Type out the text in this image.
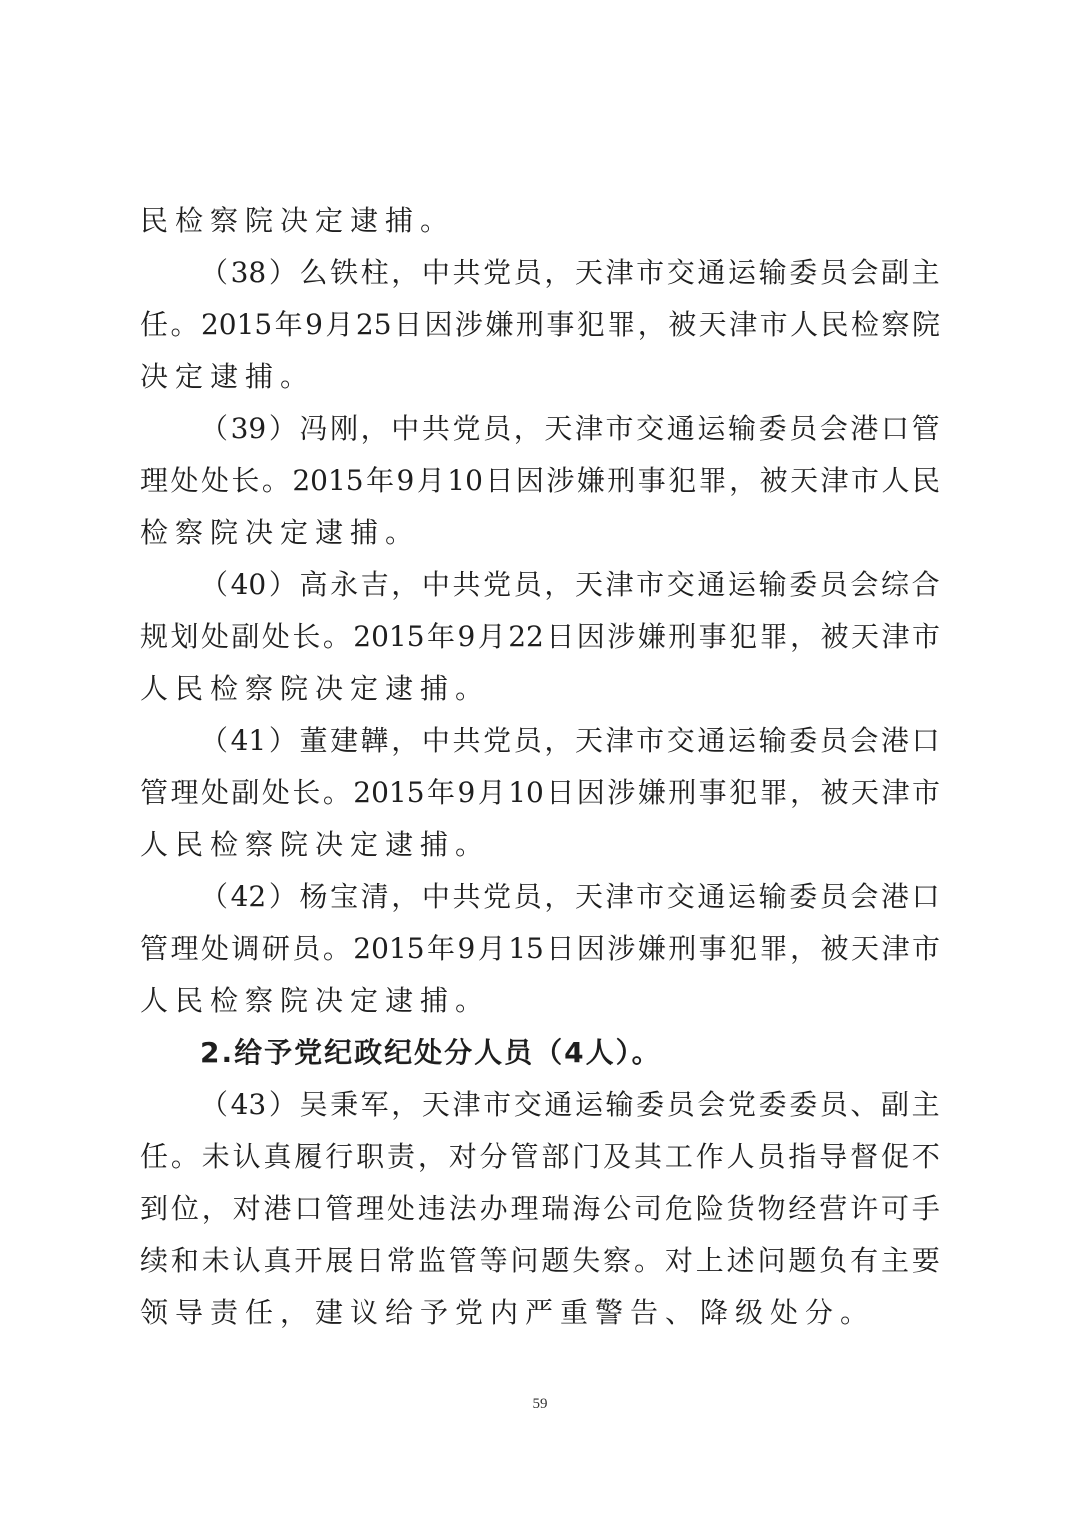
民检察院决定逮捕。
（ 38 ） 么 铁 柱 ， 中 共 党 员 ， 天 津 市 交 通 运 输 委 员 会 副 主
任 。 2015 年 9 月 25 日 因 涉 嫌 刑 事 犯 罪 ， 被 天 津 市 人 民 检 察 院
决定逮捕。
（ 39 ） 冯 刚 ， 中 共 党 员 ， 天 津 市 交 通 运 输 委 员 会 港 口 管
理 处 处 长 。 2015 年 9 月 10 日 因 涉 嫌 刑 事 犯 罪 ， 被 天 津 市 人 民
检察院决定逮捕。
（ 40 ） 高 永 吉 ， 中 共 党 员 ， 天 津 市 交 通 运 输 委 员 会 综 合
规 划 处 副 处 长 。 2015 年 9 月 22 日 因 涉 嫌 刑 事 犯 罪 ， 被 天 津 市
人民检察院决定逮捕。
（ 41 ） 董 建 韡 ， 中 共 党 员 ， 天 津 市 交 通 运 输 委 员 会 港 口
管 理 处 副 处 长 。 2015 年 9 月 10 日 因 涉 嫌 刑 事 犯 罪 ， 被 天 津 市
人民检察院决定逮捕。
（ 42 ） 杨 宝 清 ， 中 共 党 员 ， 天 津 市 交 通 运 输 委 员 会 港 口
管 理 处 调 研 员 。 2015 年 9 月 15 日 因 涉 嫌 刑 事 犯 罪 ， 被 天 津 市
人民检察院决定逮捕。
2.给予党纪政纪处分人员（4人）。
（ 43 ） 吴 秉 军 ， 天 津 市 交 通 运 输 委 员 会 党 委 委 员 、 副 主
任 。 未 认 真 履 行 职 责 ， 对 分 管 部 门 及 其 工 作 人 员 指 导 督 促 不
到 位 ， 对 港 口 管 理 处 违 法 办 理 瑞 海 公 司 危 险 货 物 经 营 许 可 手
续 和 未 认 真 开 展 日 常 监 管 等 问 题 失 察 。 对 上 述 问 题 负 有 主 要
领导责任，建议给予党内严重警告、降级处分。
59
